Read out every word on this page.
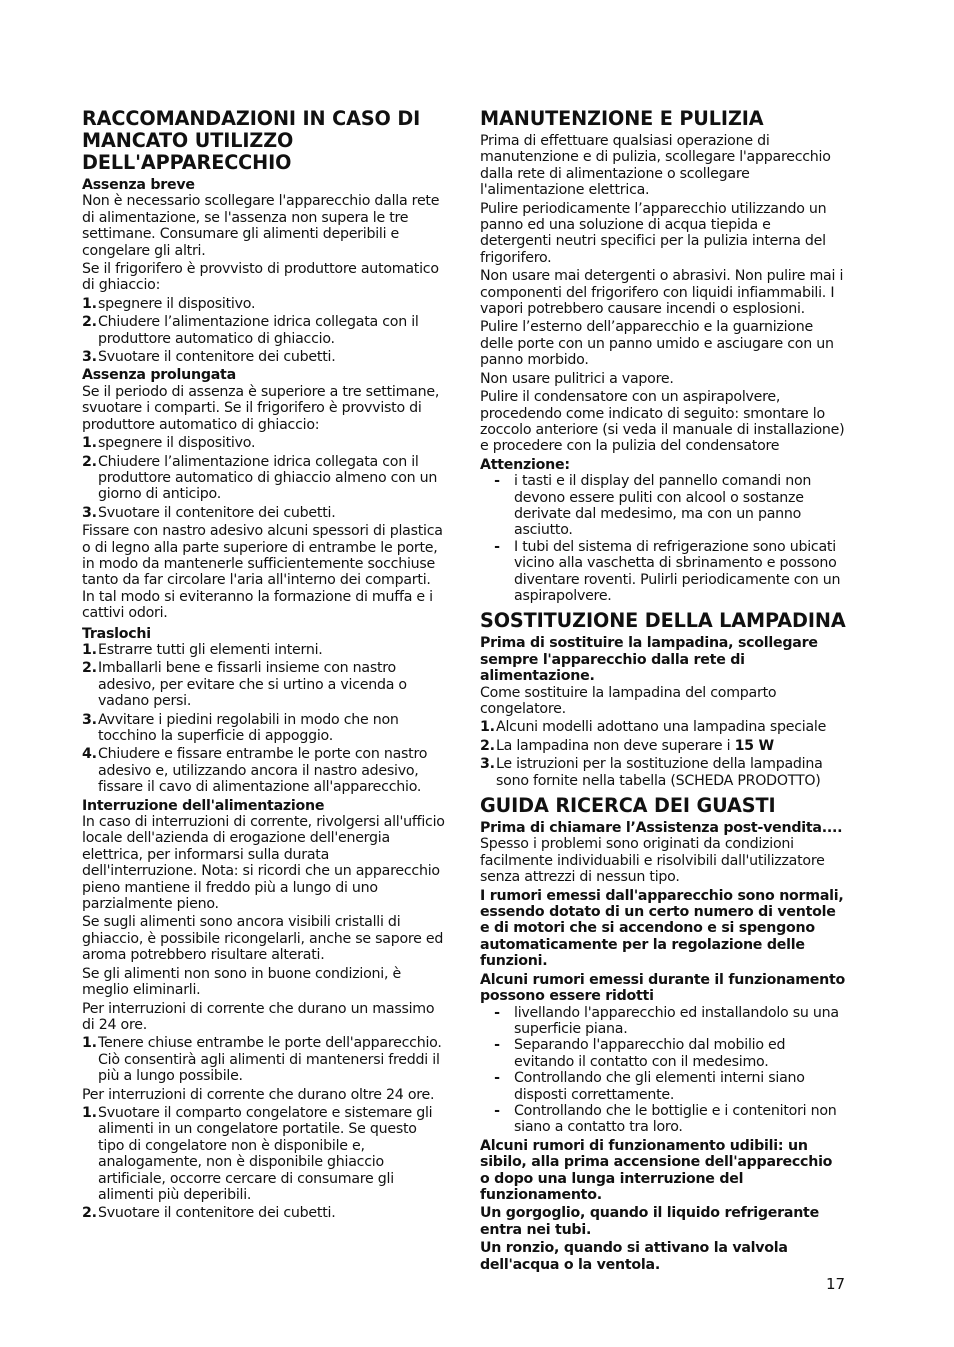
RACCOMANDAZIONI IN CASO DI MANCATO UTILIZZO DELL'APPARECCHIO
Assenza breve

Non è necessario scollegare l'apparecchio dalla rete di alimentazione, se l'assenza non supera le tre settimane. Consumare gli alimenti deperibili e congelare gli altri.

Se il frigorifero è provvisto di produttore automatico di ghiaccio:

1. spegnere il dispositivo.
2. Chiudere l’alimentazione idrica collegata con il produttore automatico di ghiaccio.
3. Svuotare il contenitore dei cubetti.
Assenza prolungata

Se il periodo di assenza è superiore a tre settimane, svuotare i comparti. Se il frigorifero è provvisto di produttore automatico di ghiaccio:

1. spegnere il dispositivo.
2. Chiudere l’alimentazione idrica collegata con il produttore automatico di ghiaccio almeno con un giorno di anticipo.
3. Svuotare il contenitore dei cubetti.

Fissare con nastro adesivo alcuni spessori di plastica o di legno alla parte superiore di entrambe le porte, in modo da mantenerle sufficientemente socchiuse tanto da far circolare l'aria all'interno dei comparti. In tal modo si eviteranno la formazione di muffa e i cattivi odori.

Traslochi
1. Estrarre tutti gli elementi interni.
2. Imballarli bene e fissarli insieme con nastro adesivo, per evitare che si urtino a vicenda o vadano persi.
3. Avvitare i piedini regolabili in modo che non tocchino la superficie di appoggio.
4. Chiudere e fissare entrambe le porte con nastro adesivo e, utilizzando ancora il nastro adesivo, fissare il cavo di alimentazione all'apparecchio.
Interruzione dell'alimentazione

In caso di interruzioni di corrente, rivolgersi all'ufficio locale dell'azienda di erogazione dell'energia elettrica, per informarsi sulla durata dell'interruzione. Nota: si ricordi che un apparecchio pieno mantiene il freddo più a lungo di uno parzialmente pieno.

Se sugli alimenti sono ancora visibili cristalli di ghiaccio, è possibile ricongelarli, anche se sapore ed aroma potrebbero risultare alterati.

Se gli alimenti non sono in buone condizioni, è meglio eliminarli.

Per interruzioni di corrente che durano un massimo di 24 ore.

1. Tenere chiuse entrambe le porte dell'apparecchio. Ciò consentirà agli alimenti di mantenersi freddi il più a lungo possibile.

Per interruzioni di corrente che durano oltre 24 ore.

1. Svuotare il comparto congelatore e sistemare gli alimenti in un congelatore portatile. Se questo tipo di congelatore non è disponibile e, analogamente, non è disponibile ghiaccio artificiale, occorre cercare di consumare gli alimenti più deperibili.
2. Svuotare il contenitore dei cubetti.
MANUTENZIONE E PULIZIA

Prima di effettuare qualsiasi operazione di manutenzione e di pulizia, scollegare l'apparecchio dalla rete di alimentazione o scollegare l'alimentazione elettrica.

Pulire periodicamente l’apparecchio utilizzando un panno ed una soluzione di acqua tiepida e detergenti neutri specifici per la pulizia interna del frigorifero.

Non usare mai detergenti o abrasivi. Non pulire mai i componenti del frigorifero con liquidi infiammabili. I vapori potrebbero causare incendi o esplosioni.

Pulire l’esterno dell’apparecchio e la guarnizione delle porte con un panno umido e asciugare con un panno morbido.

Non usare pulitrici a vapore.

Pulire il condensatore con un aspirapolvere, procedendo come indicato di seguito: smontare lo zoccolo anteriore (si veda il manuale di installazione) e procedere con la pulizia del condensatore

Attenzione:
- i tasti e il display del pannello comandi non devono essere puliti con alcool o sostanze derivate dal medesimo, ma con un panno asciutto.
- I tubi del sistema di refrigerazione sono ubicati vicino alla vaschetta di sbrinamento e possono diventare roventi. Pulirli periodicamente con un aspirapolvere.
SOSTITUZIONE DELLA LAMPADINA

Prima di sostituire la lampadina, scollegare sempre l'apparecchio dalla rete di alimentazione.

Come sostituire la lampadina del comparto congelatore.

1. Alcuni modelli adottano una lampadina speciale
2. La lampadina non deve superare i 15 W
3. Le istruzioni per la sostituzione della lampadina sono fornite nella tabella (SCHEDA PRODOTTO)
GUIDA RICERCA DEI GUASTI
Prima di chiamare l’Assistenza post-vendita....

Spesso i problemi sono originati da condizioni facilmente individuabili e risolvibili dall'utilizzatore senza attrezzi di nessun tipo.

I rumori emessi dall'apparecchio sono normali, essendo dotato di un certo numero di ventole e di motori che si accendono e si spengono automaticamente per la regolazione delle funzioni.

Alcuni rumori emessi durante il funzionamento possono essere ridotti

- livellando l'apparecchio ed installandolo su una superficie piana.
- Separando l'apparecchio dal mobilio ed evitando il contatto con il medesimo.
- Controllando che gli elementi interni siano disposti correttamente.
- Controllando che le bottiglie e i contenitori non siano a contatto tra loro.

Alcuni rumori di funzionamento udibili: un sibilo, alla prima accensione dell'apparecchio o dopo una lunga interruzione del funzionamento.

Un gorgoglio, quando il liquido refrigerante entra nei tubi.

Un ronzio, quando si attivano la valvola dell'acqua o la ventola.

17
